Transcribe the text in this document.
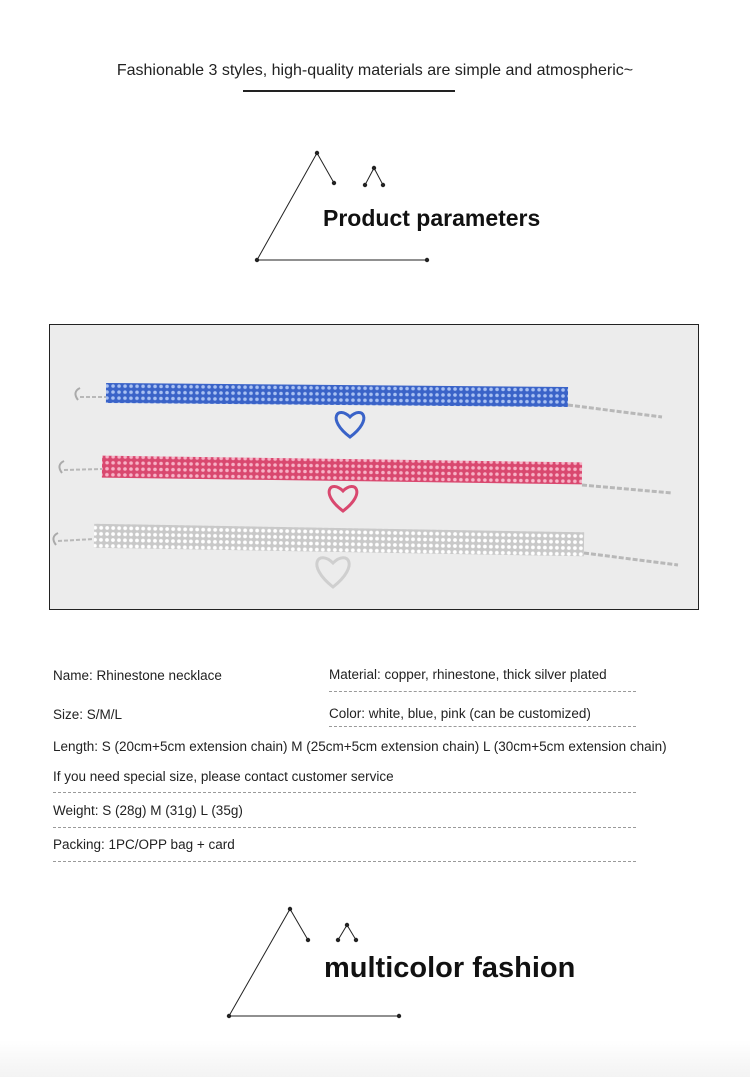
Fashionable 3 styles, high-quality materials are simple and atmospheric~
Product parameters
Name: Rhinestone necklace	Material: copper, rhinestone, thick silver plated
Size: S/M/L	Color: white, blue, pink (can be customized)
Length: S (20cm+5cm extension chain) M (25cm+5cm extension chain) L (30cm+5cm extension chain)
If you need special size, please contact customer service
Weight: S (28g) M (31g) L (35g)
Packing: 1PC/OPP bag + card
multicolor fashion
